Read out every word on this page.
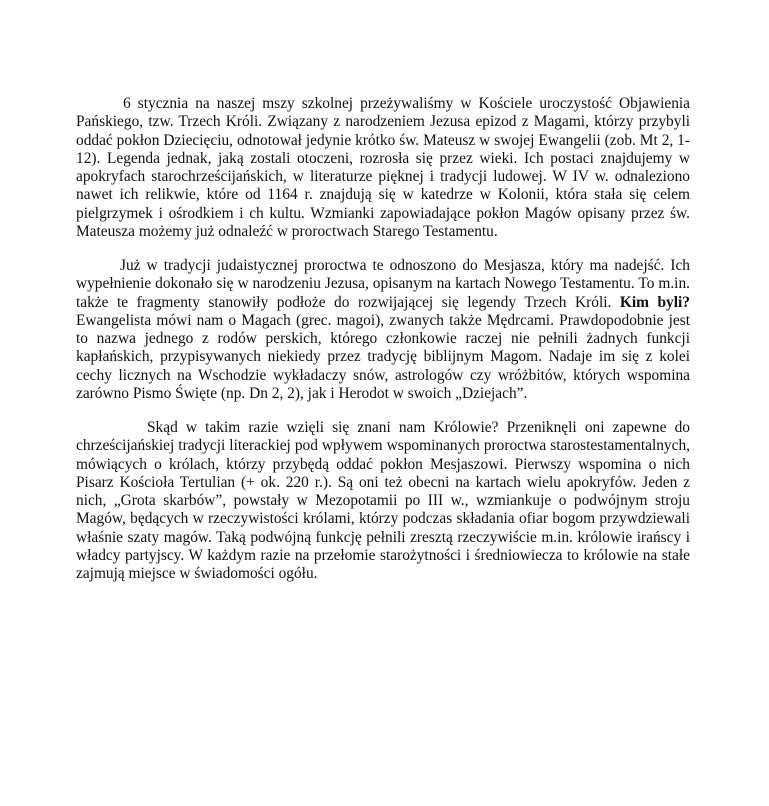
6 stycznia na naszej mszy szkolnej przeżywaliśmy w Kościele uroczystość Objawienia Pańskiego, tzw. Trzech Króli. Związany z narodzeniem Jezusa epizod z Magami, którzy przybyli oddać pokłon Dziecięciu, odnotował jedynie krótko św. Mateusz w swojej Ewangelii (zob. Mt 2, 1-12). Legenda jednak, jaką zostali otoczeni, rozrosła się przez wieki. Ich postaci znajdujemy w apokryfach starochrześcijańskich, w literaturze pięknej i tradycji ludowej. W IV w. odnaleziono nawet ich relikwie, które od 1164 r. znajdują się w katedrze w Kolonii, która stała się celem pielgrzymek i ośrodkiem i ch kultu. Wzmianki zapowiadające pokłon Magów opisany przez św. Mateusza możemy już odnaleźć w proroctwach Starego Testamentu.

Już w tradycji judaistycznej proroctwa te odnoszono do Mesjasza, który ma nadejść. Ich wypełnienie dokonało się w narodzeniu Jezusa, opisanym na kartach Nowego Testamentu. To m.in. także te fragmenty stanowiły podłoże do rozwijającej się legendy Trzech Króli. Kim byli? Ewangelista mówi nam o Magach (grec. magoi), zwanych także Mędrcami. Prawdopodobnie jest to nazwa jednego z rodów perskich, którego członkowie raczej nie pełnili żadnych funkcji kapłańskich, przypisywanych niekiedy przez tradycję biblijnym Magom. Nadaje im się z kolei cechy licznych na Wschodzie wykładaczy snów, astrologów czy wróżbitów, których wspomina zarówno Pismo Święte (np. Dn 2, 2), jak i Herodot w swoich „Dziejach”.

Skąd w takim razie wzięli się znani nam Królowie? Przeniknęli oni zapewne do chrześcijańskiej tradycji literackiej pod wpływem wspominanych proroctwa starostestamentalnych, mówiących o królach, którzy przybędą oddać pokłon Mesjaszowi. Pierwszy wspomina o nich Pisarz Kościoła Tertulian (+ ok. 220 r.). Są oni też obecni na kartach wielu apokryfów. Jeden z nich, „Grota skarbów”, powstały w Mezopotamii po III w., wzmiankuje o podwójnym stroju Magów, będących w rzeczywistości królami, którzy podczas składania ofiar bogom przywdziewali właśnie szaty magów. Taką podwójną funkcję pełnili zresztą rzeczywiście m.in. królowie irańscy i władcy partyjscy. W każdym razie na przełomie starożytności i średniowiecza to królowie na stałe zajmują miejsce w świadomości ogółu.
